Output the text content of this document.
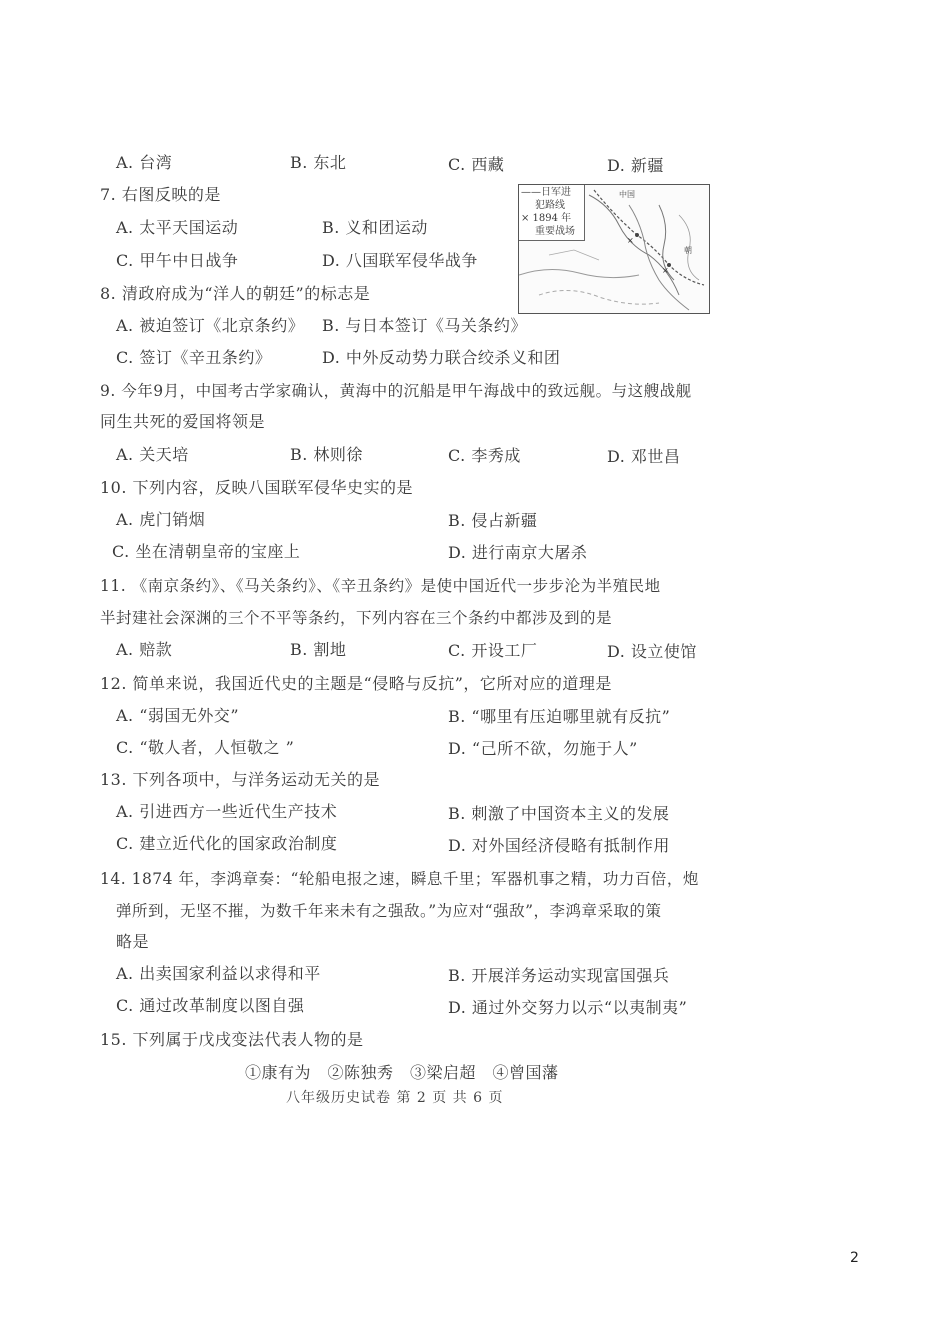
A. 台湾	B. 东北	C. 西藏	D. 新疆
7. 右图反映的是
A. 太平天国运动	B. 义和团运动
C. 甲午中日战争	D. 八国联军侵华战争
×
×
——日军进
犯路线
× 1894 年
重要战场
中国
朝
8. 清政府成为“洋人的朝廷”的标志是
A. 被迫签订《北京条约》 B. 与日本签订《马关条约》
C. 签订《辛丑条约》	D. 中外反动势力联合绞杀义和团
9. 今年9月，中国考古学家确认，黄海中的沉船是甲午海战中的致远舰。与这艘战舰
同生共死的爱国将领是
A. 关天培	B. 林则徐	C. 李秀成	D. 邓世昌
10. 下列内容，反映八国联军侵华史实的是
A. 虎门销烟	B. 侵占新疆
C. 坐在清朝皇帝的宝座上	D. 进行南京大屠杀
11. 《南京条约》、《马关条约》、《辛丑条约》是使中国近代一步步沦为半殖民地
半封建社会深渊的三个不平等条约，下列内容在三个条约中都涉及到的是
A. 赔款	B. 割地	C. 开设工厂	D. 设立使馆
12. 简单来说，我国近代史的主题是“侵略与反抗”，它所对应的道理是
A. “弱国无外交”	B. “哪里有压迫哪里就有反抗”
C. “敬人者，人恒敬之 ”	D. “己所不欲，勿施于人”
13. 下列各项中，与洋务运动无关的是
A. 引进西方一些近代生产技术	B. 刺激了中国资本主义的发展
C. 建立近代化的国家政治制度	D. 对外国经济侵略有抵制作用
14. 1874 年，李鸿章奏：“轮船电报之速，瞬息千里；军器机事之精，功力百倍，炮
弹所到，无坚不摧，为数千年来未有之强敌。”为应对“强敌”，李鸿章采取的策
略是
A. 出卖国家利益以求得和平	B. 开展洋务运动实现富国强兵
C. 通过改革制度以图自强	D. 通过外交努力以示“以夷制夷”
15. 下列属于戊戌变法代表人物的是
①康有为　②陈独秀　③梁启超　④曾国藩
八年级历史试卷 第 2 页 共 6 页
2
